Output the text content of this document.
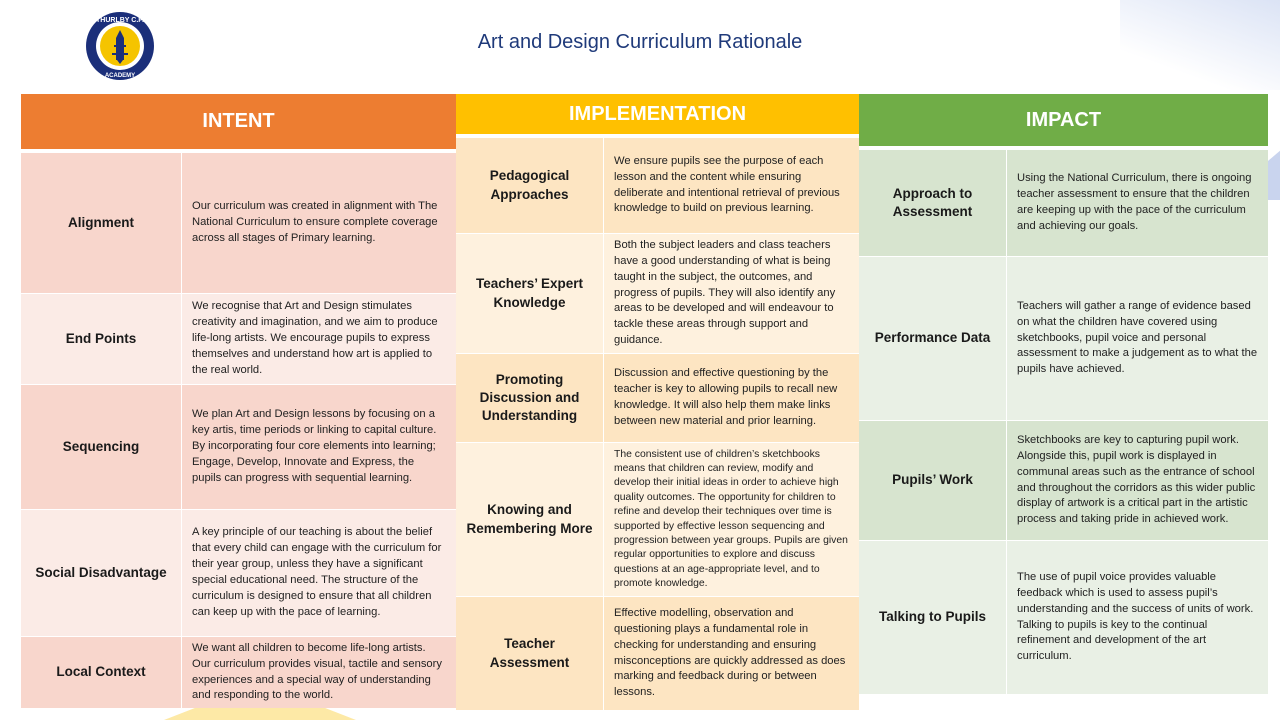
THURLBY C.P.
ACADEMY
Art and Design Curriculum Rationale
INTENT
Alignment
Our curriculum was created in alignment with The National Curriculum to ensure complete coverage across all stages of Primary learning.
End Points
We recognise that Art and Design stimulates creativity and imagination, and we aim to produce life-long artists. We encourage pupils to express themselves and understand how art is applied to the real world.
Sequencing
We plan Art and Design lessons by focusing on a key artis, time periods or linking to capital culture. By incorporating four core elements into learning; Engage, Develop, Innovate and Express, the pupils can progress with sequential learning.
Social Disadvantage
A key principle of our teaching is about the belief that every child can engage with the curriculum for their year group, unless they have a significant special educational need. The structure of the curriculum is designed to ensure that all children can keep up with the pace of learning.
Local Context
We want all children to become life-long artists. Our curriculum provides visual, tactile and sensory experiences and a special way of understanding and responding to the world.
IMPLEMENTATION
Pedagogical Approaches
We ensure pupils see the purpose of each lesson and the content while ensuring deliberate and intentional retrieval of previous knowledge to build on previous learning.
Teachers’ Expert Knowledge
Both the subject leaders and class teachers have a good understanding of what is being taught in the subject, the outcomes, and progress of pupils. They will also identify any areas to be developed and will endeavour to tackle these areas through support and guidance.
Promoting Discussion and Understanding
Discussion and effective questioning by the teacher is key to allowing pupils to recall new knowledge. It will also help them make links between new material and prior learning.
Knowing and Remembering More
The consistent use of children’s sketchbooks means that children can review, modify and develop their initial ideas in order to achieve high quality outcomes. The opportunity for children to refine and develop their techniques over time is supported by effective lesson sequencing and progression between year groups. Pupils are given regular opportunities to explore and discuss questions at an age-appropriate level, and to promote knowledge.
Teacher Assessment
Effective modelling, observation and questioning plays a fundamental role in checking for understanding and ensuring misconceptions are quickly addressed as does marking and feedback during or between lessons.
IMPACT
Approach to Assessment
Using the National Curriculum, there is ongoing teacher assessment to ensure that the children are keeping up with the pace of the curriculum and achieving our goals.
Performance Data
Teachers will gather a range of evidence based on what the children have covered using sketchbooks, pupil voice and personal assessment to make a judgement as to what the pupils have achieved.
Pupils’ Work
Sketchbooks are key to capturing pupil work. Alongside this, pupil work is displayed in communal areas such as the entrance of school and throughout the corridors as this wider public display of artwork is a critical part in the artistic process and taking pride in achieved work.
Talking to Pupils
The use of pupil voice provides valuable feedback which is used to assess pupil’s understanding and the success of units of work. Talking to pupils is key to the continual refinement and development of the art curriculum.
